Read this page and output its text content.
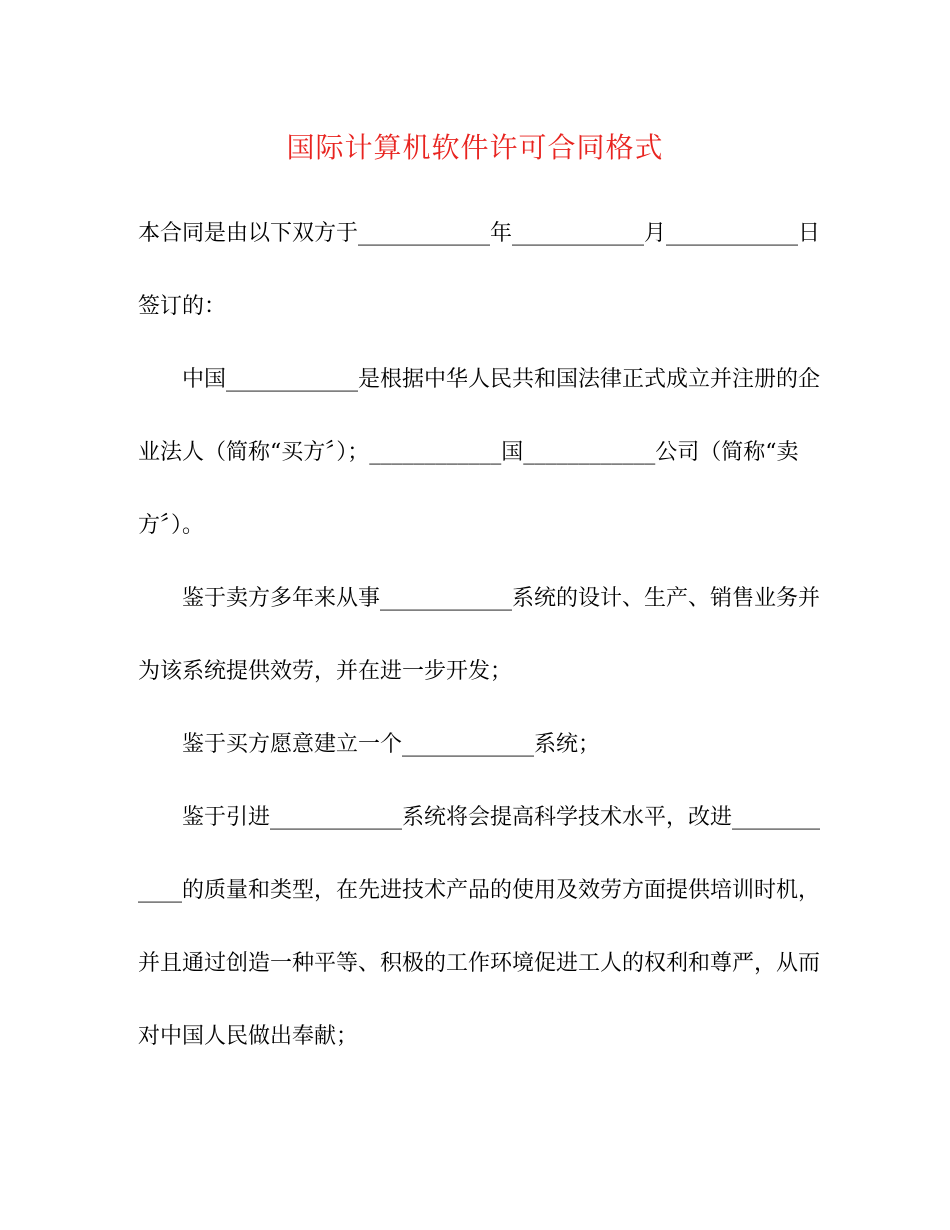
国际计算机软件许可合同格式
本合同是由以下双方于____________年____________月____________日
签订的：
中国____________是根据中华人民共和国法律正式成立并注册的企
业法人（简称“买方〞）；____________国____________公司（简称“卖
方〞）。
鉴于卖方多年来从事____________系统的设计、生产、销售业务并
为该系统提供效劳，并在进一步开发；
鉴于买方愿意建立一个____________系统；
鉴于引进____________系统将会提高科学技术水平，改进________
____的质量和类型，在先进技术产品的使用及效劳方面提供培训时机，
并且通过创造一种平等、积极的工作环境促进工人的权利和尊严，从而
对中国人民做出奉献；
